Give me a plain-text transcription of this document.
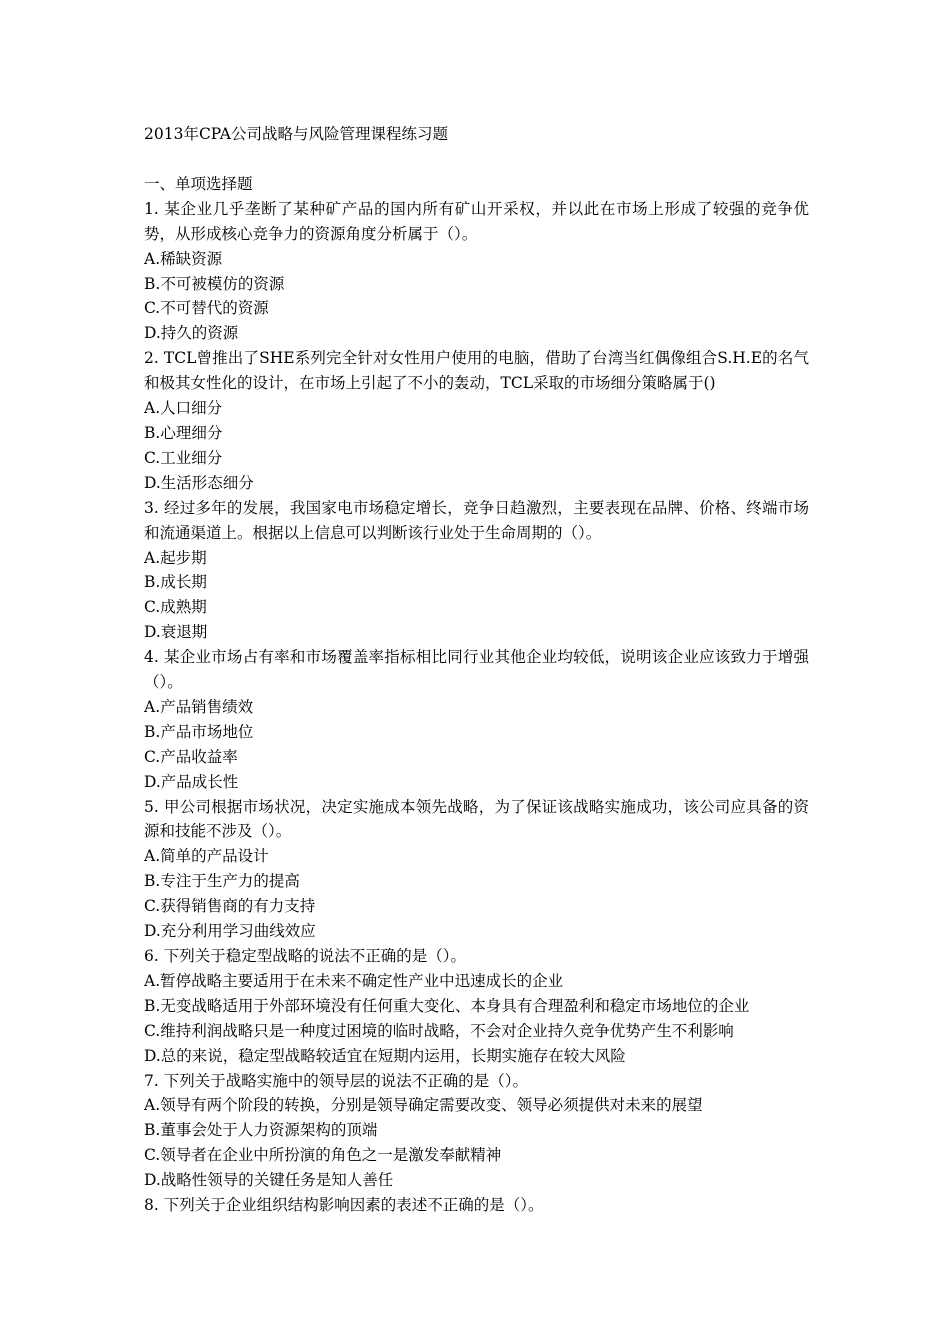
2013年CPA公司战略与风险管理课程练习题
一、单项选择题

1. 某企业几乎垄断了某种矿产品的国内所有矿山开采权，并以此在市场上形成了较强的竞争优势，从形成核心竞争力的资源角度分析属于（）。

A.稀缺资源

B.不可被模仿的资源

C.不可替代的资源

D.持久的资源

2. TCL曾推出了SHE系列完全针对女性用户使用的电脑，借助了台湾当红偶像组合S.H.E的名气和极其女性化的设计，在市场上引起了不小的轰动，TCL采取的市场细分策略属于()

A.人口细分

B.心理细分

C.工业细分

D.生活形态细分

3. 经过多年的发展，我国家电市场稳定增长，竞争日趋激烈，主要表现在品牌、价格、终端市场和流通渠道上。根据以上信息可以判断该行业处于生命周期的（）。

A.起步期

B.成长期

C.成熟期

D.衰退期

4. 某企业市场占有率和市场覆盖率指标相比同行业其他企业均较低，说明该企业应该致力于增强（）。

A.产品销售绩效

B.产品市场地位

C.产品收益率

D.产品成长性

5. 甲公司根据市场状况，决定实施成本领先战略，为了保证该战略实施成功，该公司应具备的资源和技能不涉及（）。

A.简单的产品设计

B.专注于生产力的提高

C.获得销售商的有力支持

D.充分利用学习曲线效应

6. 下列关于稳定型战略的说法不正确的是（）。

A.暂停战略主要适用于在未来不确定性产业中迅速成长的企业

B.无变战略适用于外部环境没有任何重大变化、本身具有合理盈利和稳定市场地位的企业

C.维持利润战略只是一种度过困境的临时战略，不会对企业持久竞争优势产生不利影响

D.总的来说，稳定型战略较适宜在短期内运用，长期实施存在较大风险

7. 下列关于战略实施中的领导层的说法不正确的是（）。

A.领导有两个阶段的转换，分别是领导确定需要改变、领导必须提供对未来的展望

B.董事会处于人力资源架构的顶端

C.领导者在企业中所扮演的角色之一是激发奉献精神

D.战略性领导的关键任务是知人善任

8. 下列关于企业组织结构影响因素的表述不正确的是（）。
